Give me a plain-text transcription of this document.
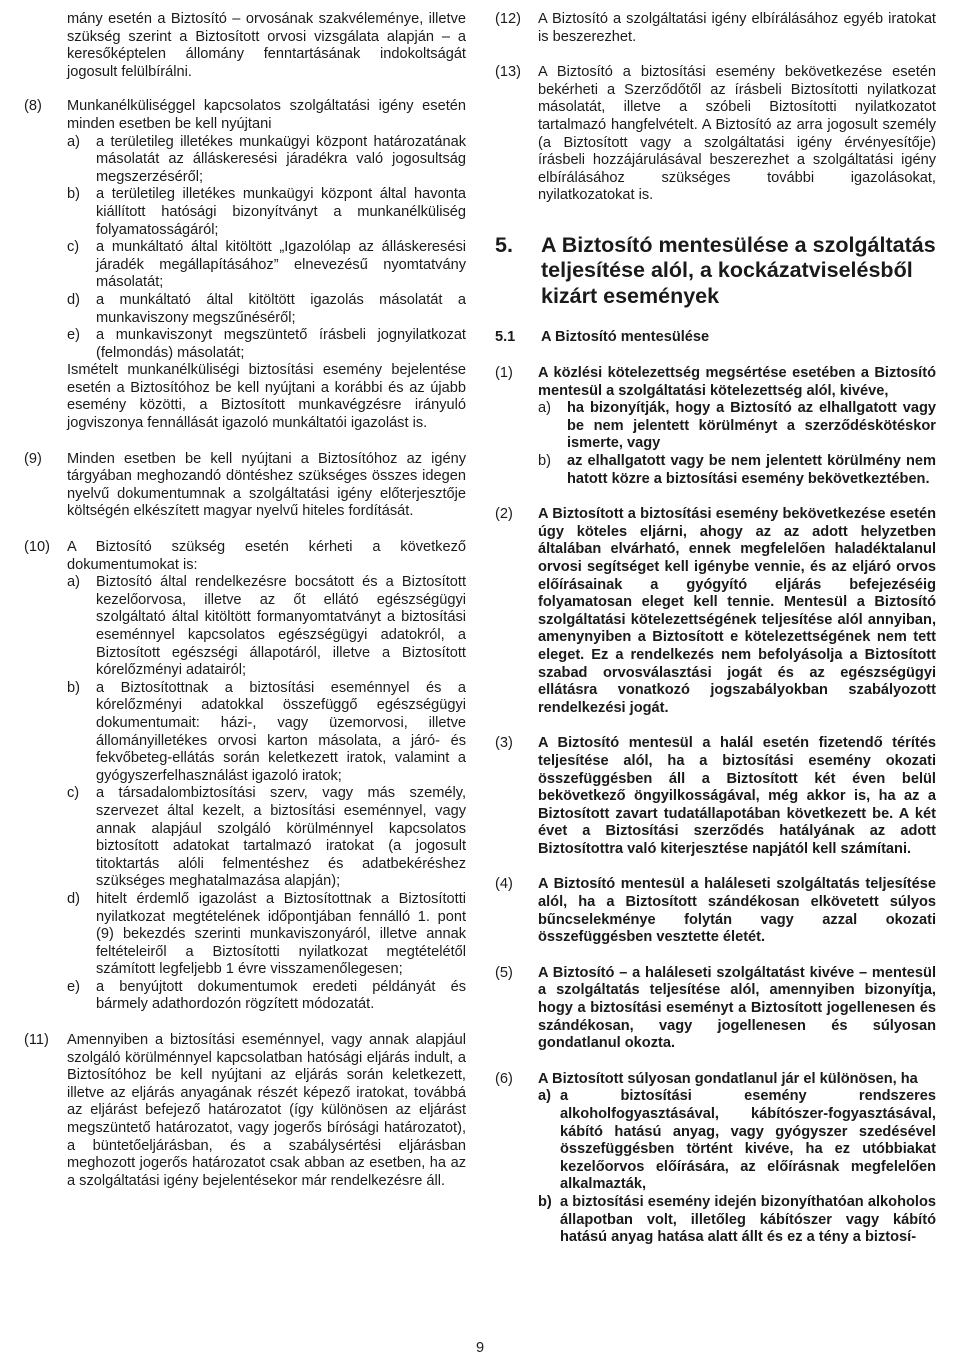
mány esetén a Biztosító – orvosának szakvéleménye, illetve szükség szerint a Biztosított orvosi vizsgálata alapján – a keresőképtelen állomány fenntartásának indokoltságát jogosult felülbírálni.

(8)	Munkanélküliséggel kapcsolatos szolgáltatási igény esetén minden esetben be kell nyújtani

a)	a területileg illetékes munkaügyi központ határozatának másolatát az álláskeresési járadékra való jogosultság megszerzéséről;
b)	a területileg illetékes munkaügyi központ által havonta kiállított hatósági bizonyítványt a munkanélküliség folyamatosságáról;
c)	a munkáltató által kitöltött „Igazolólap az álláskeresési járadék megállapításához” elnevezésű nyomtatvány másolatát;
d)	a munkáltató által kitöltött igazolás másolatát a munkaviszony megszűnéséről;
e)	a munkaviszonyt megszüntető írásbeli jognyilatkozat (felmondás) másolatát;

Ismételt munkanélküliségi biztosítási esemény bejelentése esetén a Biztosítóhoz be kell nyújtani a korábbi és az újabb esemény közötti, a Biztosított munkavégzésre irányuló jogviszonya fennállását igazoló munkáltatói igazolást is.

(9)	Minden esetben be kell nyújtani a Biztosítóhoz az igény tárgyában meghozandó döntéshez szükséges összes idegen nyelvű dokumentumnak a szolgáltatási igény előterjesztője költségén elkészített magyar nyelvű hiteles fordítását.

(10)	A Biztosító szükség esetén kérheti a következő dokumentumokat is:

a)	Biztosító által rendelkezésre bocsátott és a Biztosított kezelőorvosa, illetve az őt ellátó egészségügyi szolgáltató által kitöltött formanyomtatványt a biztosítási eseménnyel kapcsolatos egészségügyi adatokról, a Biztosított egészségi állapotáról, illetve a Biztosított kórelőzményi adatairól;
b)	a Biztosítottnak a biztosítási eseménnyel és a kórelőzményi adatokkal összefüggő egészségügyi dokumentumait: házi-, vagy üzemorvosi, illetve állományilletékes orvosi karton másolata, a járó- és fekvőbeteg-ellátás során keletkezett iratok, valamint a gyógyszerfelhasználást igazoló iratok;
c)	a társadalombiztosítási szerv, vagy más személy, szervezet által kezelt, a biztosítási eseménnyel, vagy annak alapjául szolgáló körülménnyel kapcsolatos biztosított adatokat tartalmazó iratokat (a jogosult titoktartás alóli felmentéshez és adatbekéréshez szükséges meghatalmazása alapján);
d)	hitelt érdemlő igazolást a Biztosítottnak a Biztosítotti nyilatkozat megtételének időpontjában fennálló 1. pont (9) bekezdés szerinti munkaviszonyáról, illetve annak feltételeiről a Biztosítotti nyilatkozat megtételétől számított legfeljebb 1 évre visszamenőlegesen;
e)	a benyújtott dokumentumok eredeti példányát és bármely adathordozón rögzített módozatát.
(11)	Amennyiben a biztosítási eseménnyel, vagy annak alapjául szolgáló körülménnyel kapcsolatban hatósági eljárás indult, a Biztosítóhoz be kell nyújtani az eljárás során keletkezett, illetve az eljárás anyagának részét képező iratokat, továbbá az eljárást befejező határozatot (így különösen az eljárást megszüntető határozatot, vagy jogerős bírósági határozatot), a büntetőeljárásban, és a szabálysértési eljárásban meghozott jogerős határozatot csak abban az esetben, ha az a szolgáltatási igény bejelentésekor már rendelkezésre áll.

(12)	A Biztosító a szolgáltatási igény elbírálásához egyéb iratokat is beszerezhet.

(13)	A Biztosító a biztosítási esemény bekövetkezése esetén bekérheti a Szerződőtől az írásbeli Biztosítotti nyilatkozat másolatát, illetve a szóbeli Biztosítotti nyilatkozatot tartalmazó hangfelvételt. A Biztosító az arra jogosult személy (a Biztosított vagy a szolgáltatási igény érvényesítője) írásbeli hozzájárulásával beszerezhet a szolgáltatási igény elbírálásához szükséges további igazolásokat, nyilatkozatokat is.

5.	A Biztosító mentesülése a szolgáltatás teljesítése alól, a kockázatviselésből kizárt események
5.1	A Biztosító mentesülése
(1)	A közlési kötelezettség megsértése esetében a Biztosító mentesül a szolgáltatási kötelezettség alól, kivéve,

a)	ha bizonyítják, hogy a Biztosító az elhallgatott vagy be nem jelentett körülményt a szerződéskötéskor ismerte, vagy
b)	az elhallgatott vagy be nem jelentett körülmény nem hatott közre a biztosítási esemény bekövetkeztében.
(2)	A Biztosított a biztosítási esemény bekövetkezése esetén úgy köteles eljárni, ahogy az az adott helyzetben általában elvárható, ennek megfelelően haladéktalanul orvosi segítséget kell igénybe vennie, és az eljáró orvos előírásainak a gyógyító eljárás befejezéséig folyamatosan eleget kell tennie. Mentesül a Biztosító szolgáltatási kötelezettségének teljesítése alól annyiban, amenynyiben a Biztosított e kötelezettségének nem tett eleget. Ez a rendelkezés nem befolyásolja a Biztosított szabad orvosválasztási jogát és az egészségügyi ellátásra vonatkozó jogszabályokban szabályozott rendelkezési jogát.

(3)	A Biztosító mentesül a halál esetén fizetendő térítés teljesítése alól, ha a biztosítási esemény okozati összefüggésben áll a Biztosított két éven belül bekövetkező öngyilkosságával, még akkor is, ha az a Biztosított zavart tudatállapotában következett be. A két évet a Biztosítási szerződés hatályának az adott Biztosítottra való kiterjesztése napjától kell számítani.

(4)	A Biztosító mentesül a haláleseti szolgáltatás teljesítése alól, ha a Biztosított szándékosan elkövetett súlyos bűncselekménye folytán vagy azzal okozati összefüggésben vesztette életét.

(5)	A Biztosító – a haláleseti szolgáltatást kivéve – mentesül a szolgáltatás teljesítése alól, amennyiben bizonyítja, hogy a biztosítási eseményt a Biztosított jogellenesen és szándékosan, vagy jogellenesen és súlyosan gondatlanul okozta.

(6)	A Biztosított súlyosan gondatlanul jár el különösen, ha

a) a biztosítási esemény rendszeres alkoholfogyasztásával, kábítószer-fogyasztásával, kábító hatású anyag, vagy gyógyszer szedésével összefüggésben történt kivéve, ha ez utóbbiakat kezelőorvos előírására, az előírásnak megfelelően alkalmazták,
b) a biztosítási esemény idején bizonyíthatóan alkoholos állapotban volt, illetőleg kábítószer vagy kábító hatású anyag hatása alatt állt és ez a tény a biztosí-
9
